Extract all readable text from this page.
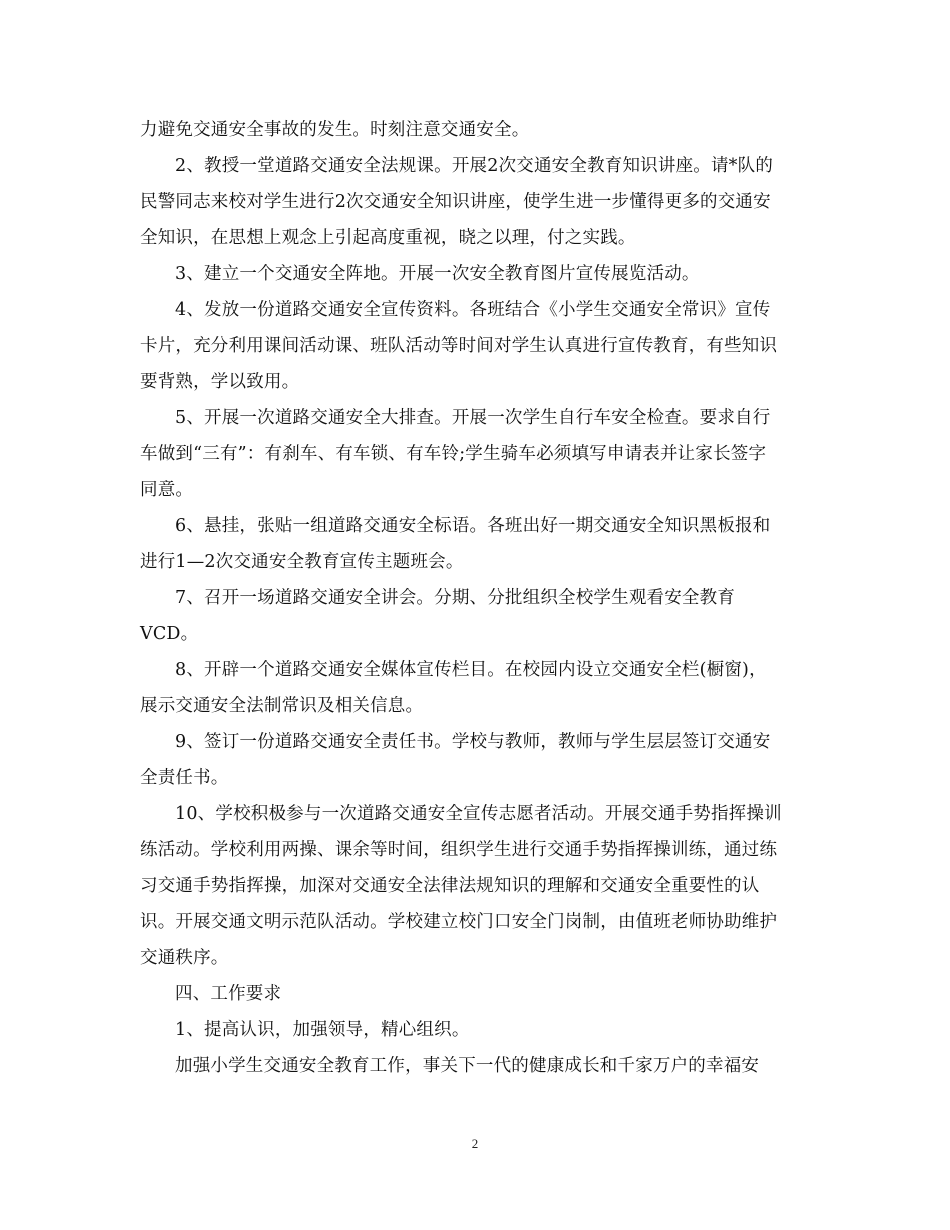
力避免交通安全事故的发生。时刻注意交通安全。
2、教授一堂道路交通安全法规课。开展2次交通安全教育知识讲座。请*队的
民警同志来校对学生进行2次交通安全知识讲座，使学生进一步懂得更多的交通安
全知识，在思想上观念上引起高度重视，晓之以理，付之实践。
3、建立一个交通安全阵地。开展一次安全教育图片宣传展览活动。
4、发放一份道路交通安全宣传资料。各班结合《小学生交通安全常识》宣传
卡片，充分利用课间活动课、班队活动等时间对学生认真进行宣传教育，有些知识
要背熟，学以致用。
5、开展一次道路交通安全大排查。开展一次学生自行车安全检查。要求自行
车做到“三有”：有刹车、有车锁、有车铃;学生骑车必须填写申请表并让家长签字
同意。
6、悬挂，张贴一组道路交通安全标语。各班出好一期交通安全知识黑板报和
进行1—2次交通安全教育宣传主题班会。
7、召开一场道路交通安全讲会。分期、分批组织全校学生观看安全教育
VCD。
8、开辟一个道路交通安全媒体宣传栏目。在校园内设立交通安全栏(橱窗)，
展示交通安全法制常识及相关信息。
9、签订一份道路交通安全责任书。学校与教师，教师与学生层层签订交通安
全责任书。
10、学校积极参与一次道路交通安全宣传志愿者活动。开展交通手势指挥操训
练活动。学校利用两操、课余等时间，组织学生进行交通手势指挥操训练，通过练
习交通手势指挥操，加深对交通安全法律法规知识的理解和交通安全重要性的认
识。开展交通文明示范队活动。学校建立校门口安全门岗制，由值班老师协助维护
交通秩序。
四、工作要求
1、提高认识，加强领导，精心组织。
加强小学生交通安全教育工作，事关下一代的健康成长和千家万户的幸福安
2
